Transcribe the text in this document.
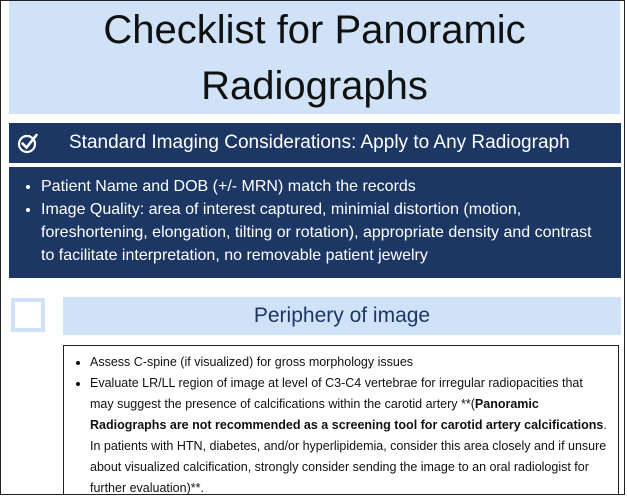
Checklist for Panoramic
Radiographs
Standard Imaging Considerations: Apply to Any Radiograph
• Patient Name and DOB (+/- MRN) match the records
• Image Quality: area of interest captured, minimial distortion (motion, foreshortening, elongation, tilting or rotation), appropriate density and contrast to facilitate interpretation, no removable patient jewelry
Periphery of image
• Assess C-spine (if visualized) for gross morphology issues
• Evaluate LR/LL region of image at level of C3-C4 vertebrae for irregular radiopacities that may suggest the presence of calcifications within the carotid artery **(Panoramic Radiographs are not recommended as a screening tool for carotid artery calcifications. In patients with HTN, diabetes, and/or hyperlipidemia, consider this area closely and if unsure about visualized calcification, strongly consider sending the image to an oral radiologist for further evaluation)**.
